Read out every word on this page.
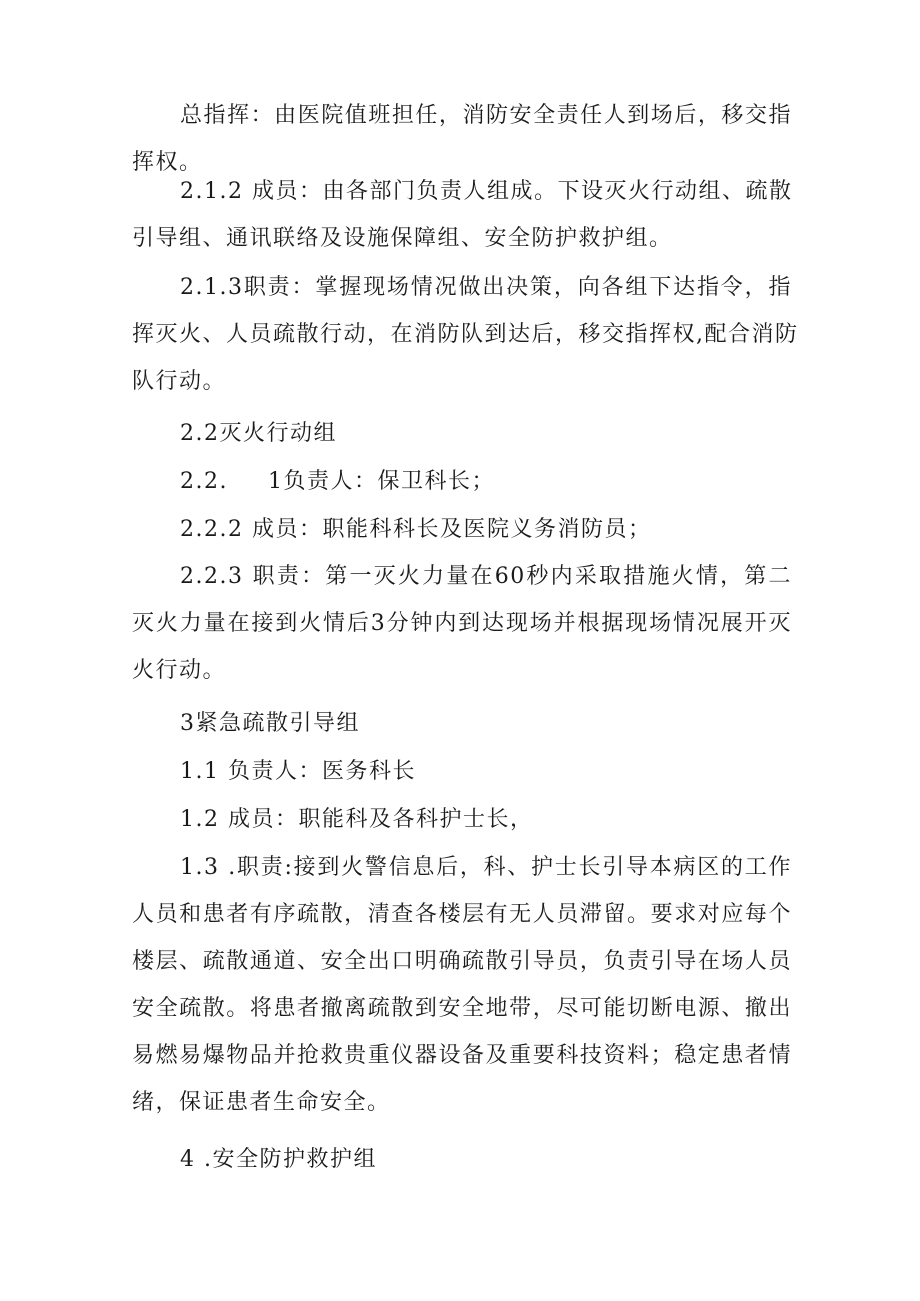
总指挥：由医院值班担任，消防安全责任人到场后，移交指
挥权。
2.1.2 成员：由各部门负责人组成。下设灭火行动组、疏散
引导组、通讯联络及设施保障组、安全防护救护组。
2.1.3职责：掌握现场情况做出决策，向各组下达指令，指
挥灭火、人员疏散行动，在消防队到达后，移交指挥权,配合消防
队行动。

2.2灭火行动组

2.2. 1负责人：保卫科长；

2.2.2 成员：职能科科长及医院义务消防员；

2.2.3 职责：第一灭火力量在60秒内采取措施火情，第二
灭火力量在接到火情后3分钟内到达现场并根据现场情况展开灭
火行动。

3紧急疏散引导组

1.1 负责人：医务科长

1.2 成员：职能科及各科护士长，

1.3 .职责:接到火警信息后，科、护士长引导本病区的工作
人员和患者有序疏散，清查各楼层有无人员滞留。要求对应每个
楼层、疏散通道、安全出口明确疏散引导员，负责引导在场人员
安全疏散。将患者撤离疏散到安全地带，尽可能切断电源、撤出
易燃易爆物品并抢救贵重仪器设备及重要科技资料；稳定患者情
绪，保证患者生命安全。

4 .安全防护救护组
